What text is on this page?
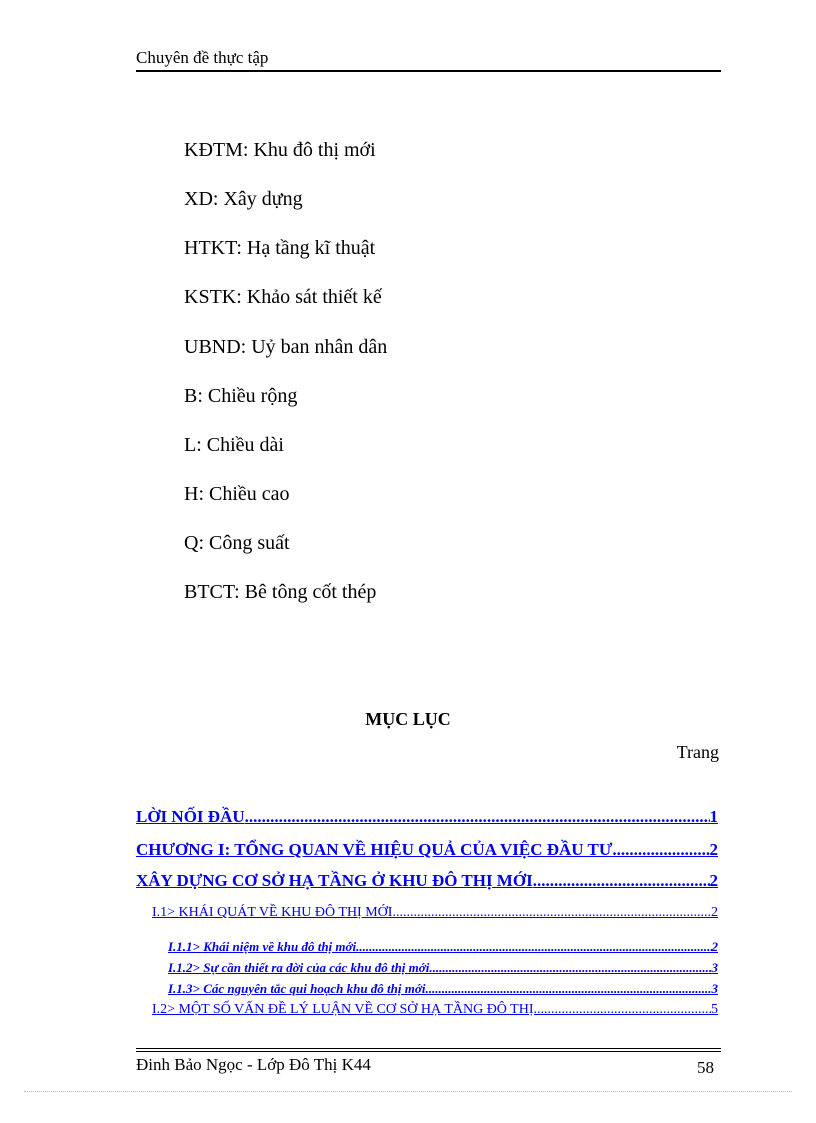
Chuyên đề thực tập
KĐTM: Khu đô thị mới
XD: Xây dựng
HTKT: Hạ tầng kĩ thuật
KSTK: Khảo sát thiết kế
UBND: Uỷ ban nhân dân
B: Chiều rộng
L: Chiều dài
H: Chiều cao
Q: Công suất
BTCT: Bê tông cốt thép
MỤC LỤC
Trang
LỜI NỐI ĐẦU .....	1
CHƯƠNG I: TỔNG QUAN VỀ HIỆU QUẢ CỦA VIỆC ĐẦU TƯ .....	2
XÂY DỰNG CƠ SỞ HẠ TẦNG Ở KHU ĐÔ THỊ MỚI .....	2
I.1> KHÁI QUÁT VỀ KHU ĐÔ THỊ MỚI .....	2
I.1.1> Khái niệm về khu đô thị mới .....	2
I.1.2> Sự cần thiết ra đời của các khu đô thị mới .....	3
I.1.3> Các nguyên tắc qui hoạch khu đô thị mới .....	3
I.2> MỘT SỐ VẤN ĐỀ LÝ LUẬN VỀ CƠ SỞ HẠ TẦNG ĐÔ THỊ .....	5
Đinh Bảo Ngọc - Lớp Đô Thị K44	58
